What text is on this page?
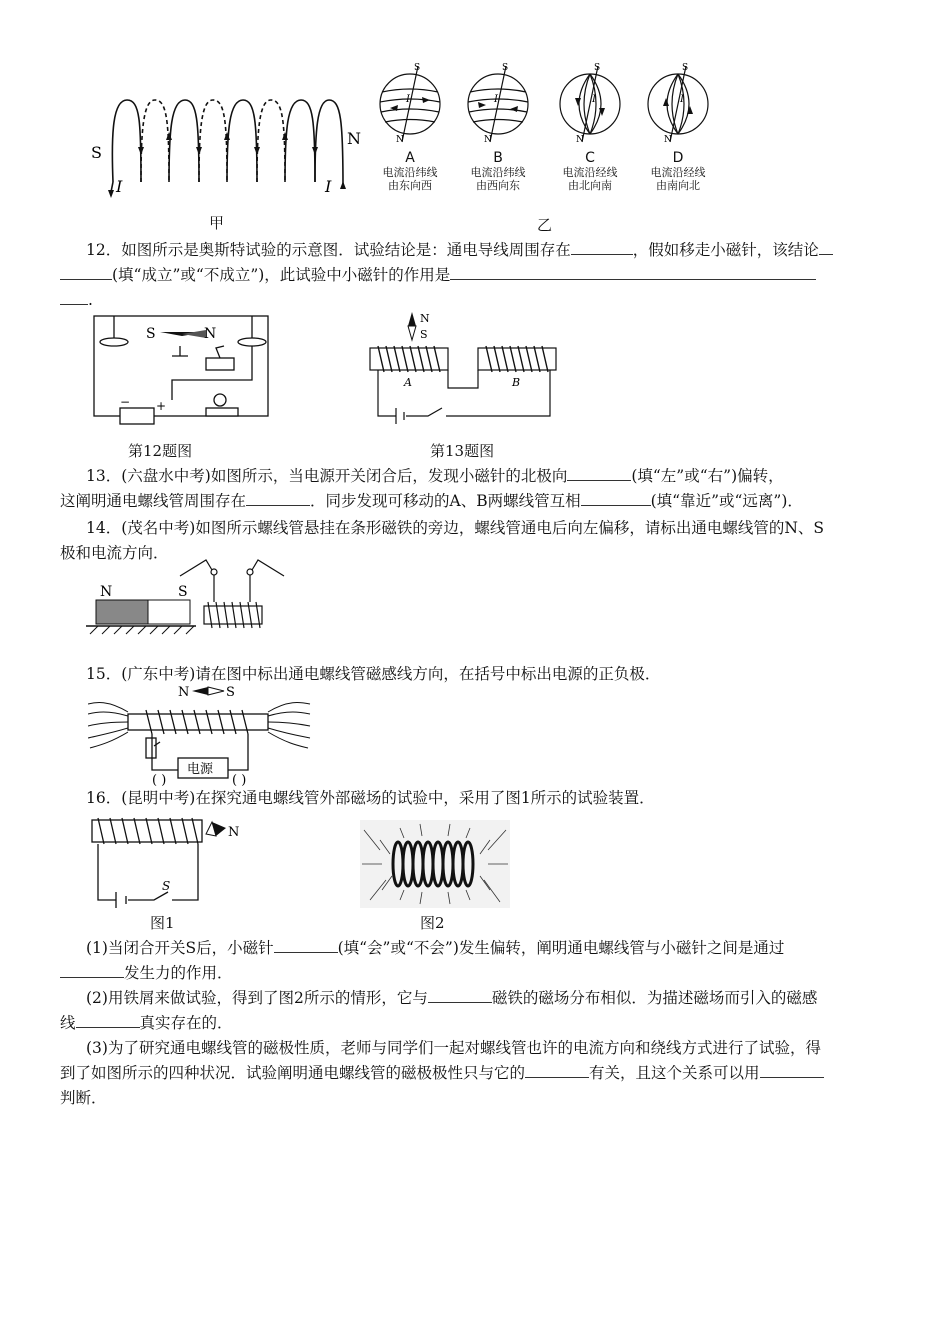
S
N
I	I
甲
S
N
S
N
S
N
S
N
I	I	I	I
A
电流沿纬线
由东向西
B
电流沿纬线
由西向东
C
电流沿经线
由北向南
D
电流沿经线
由南向北
乙
12．如图所示是奥斯特试验的示意图．试验结论是：通电导线周围存在	，假如移走小磁针，该结论
(填“成立”或“不成立”)，此试验中小磁针的作用是
.
S	N
− +
第12题图
N
S
A	B
第13题图
13．(六盘水中考)如图所示，当电源开关闭合后，发现小磁针的北极向	(填“左”或“右”)偏转，
这阐明通电螺线管周围存在	．同步发现可移动的A、B两螺线管互相	(填“靠近”或“远离”)．
14．(茂名中考)如图所示螺线管悬挂在条形磁铁的旁边，螺线管通电后向左偏移，请标出通电螺线管的N、S
极和电流方向．
N	S
15．(广东中考)请在图中标出通电螺线管磁感线方向，在括号中标出电源的正负极．
N	S
电源
( )	( )
16．(昆明中考)在探究通电螺线管外部磁场的试验中，采用了图1所示的试验装置．
N
S
图1	图2
(1)当闭合开关S后，小磁针	(填“会”或“不会”)发生偏转，阐明通电螺线管与小磁针之间是通过
发生力的作用．
(2)用铁屑来做试验，得到了图2所示的情形，它与	磁铁的磁场分布相似．为描述磁场而引入的磁感
线	真实存在的．
(3)为了研究通电螺线管的磁极性质，老师与同学们一起对螺线管也许的电流方向和绕线方式进行了试验，得
到了如图所示的四种状况．试验阐明通电螺线管的磁极极性只与它的	有关，且这个关系可以用
判断．
